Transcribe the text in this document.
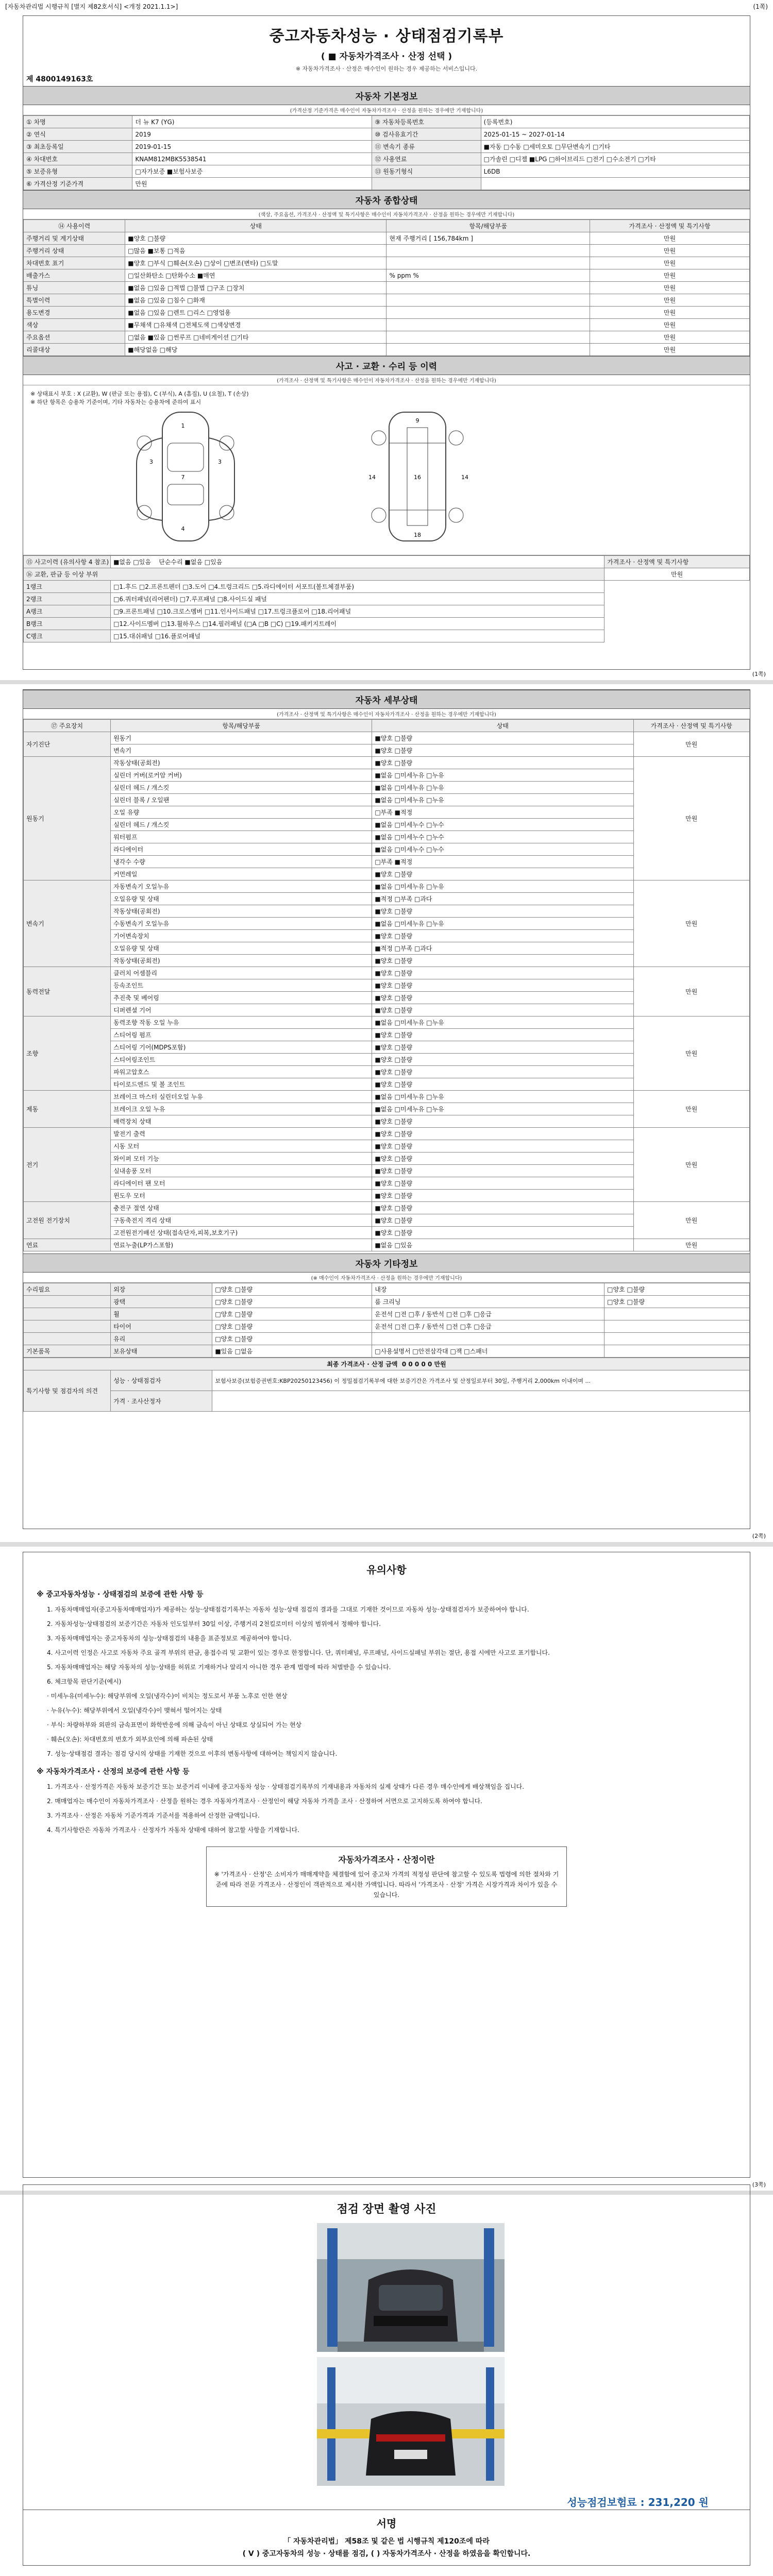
[자동차관리법 시행규칙 [별지 제82호서식] <개정 2021.1.1>]	(1쪽)
중고자동차성능 · 상태점검기록부
( ■ 자동차가격조사 · 산정 선택 )
※ 자동차가격조사 · 산정은 매수인이 원하는 경우 제공하는 서비스입니다.
제 4800149163호
자동차 기본정보
(가격산정 기준가격은 매수인이 자동차가격조사 · 산정을 원하는 경우에만 기재합니다)
① 차명	더 뉴 K7 (YG)	⑨ 자동차등록번호	(등록번호)
② 연식	2019	⑩ 검사유효기간	2025-01-15 ~ 2027-01-14
③ 최초등록일	2019-01-15	⑪ 변속기 종류	■자동 □수동 □세미오토 □무단변속기 □기타
④ 차대번호	KNAM812MBK5538541	⑫ 사용연료	□가솔린 □디젤 ■LPG □하이브리드 □전기 □수소전기 □기타
⑤ 보증유형	□자가보증 ■보험사보증	⑬ 원동기형식	L6DB
⑥ 가격산정 기준가격	만원		
자동차 종합상태
(색상, 주요옵션, 가격조사 · 산정액 및 특기사항은 매수인이 자동차가격조사 · 산정을 원하는 경우에만 기재합니다)
⑭ 사용이력	상태	항목/해당부품	가격조사 · 산정액 및 특기사항
주행거리 및 계기상태	■양호 □불량	현재 주행거리 [ 156,784km ]	만원
주행거리 상태	□많음 ■보통 □적음		만원
차대번호 표기	■양호 □부식 □훼손(오손) □상이 □변조(변타) □도말		만원
배출가스	□일산화탄소 □탄화수소 ■매연	% ppm %	만원
튜닝	■없음 □있음 □적법 □불법 □구조 □장치		만원
특별이력	■없음 □있음 □침수 □화재		만원
용도변경	■없음 □있음 □렌트 □리스 □영업용		만원
색상	■무채색 □유채색 □전체도색 □색상변경		만원
주요옵션	□없음 ■있음 □썬루프 □네비게이션 □기타		만원
리콜대상	■해당없음 □해당		만원
사고 · 교환 · 수리 등 이력
(가격조사 · 산정액 및 특기사항은 매수인이 자동차가격조사 · 산정을 원하는 경우에만 기재합니다)
※ 상태표시 부호 : X (교환), W (판금 또는 용접), C (부식), A (흠집), U (요철), T (손상)
※ 하단 항목은 승용차 기준이며, 기타 자동차는 승용차에 준하여 표시
1
3	3
4
7
9
16
14	14
18
⑮ 사고이력 (유의사항 4 참조)	■없음 □있음 단순수리 ■없음 □있음	가격조사 · 산정액 및 특기사항
⑯ 교환, 판금 등 이상 부위		만원
1랭크	□1.후드 □2.프론트펜더 □3.도어 □4.트렁크리드 □5.라디에이터 서포트(볼트체결부품)	
2랭크	□6.쿼터패널(리어펜더) □7.루프패널 □8.사이드실 패널	
A랭크	□9.프론트패널 □10.크로스멤버 □11.인사이드패널 □17.트렁크플로어 □18.리어패널	
B랭크	□12.사이드멤버 □13.휠하우스 □14.필러패널 (□A □B □C) □19.패키지트레이	
C랭크	□15.대쉬패널 □16.플로어패널	
(1쪽)
자동차 세부상태
(가격조사 · 산정액 및 특기사항은 매수인이 자동차가격조사 · 산정을 원하는 경우에만 기재합니다)
⑰ 주요장치	항목/해당부품	상태	가격조사 · 산정액 및 특기사항
자기진단	원동기	■양호 □불량	만원
	변속기	■양호 □불량	
원동기	작동상태(공회전)	■양호 □불량	만원
	실린더 커버(로커암 커버)	■없음 □미세누유 □누유	
	실린더 헤드 / 개스킷	■없음 □미세누유 □누유	
	실린더 블록 / 오일팬	■없음 □미세누유 □누유	
	오일 유량	□부족 ■적정	
	실린더 헤드 / 개스킷	■없음 □미세누수 □누수	
	워터펌프	■없음 □미세누수 □누수	
	라디에이터	■없음 □미세누수 □누수	
	냉각수 수량	□부족 ■적정	
	커먼레일	■양호 □불량	
변속기	자동변속기 오일누유	■없음 □미세누유 □누유	만원
	오일유량 및 상태	■적정 □부족 □과다	
	작동상태(공회전)	■양호 □불량	
	수동변속기 오일누유	■없음 □미세누유 □누유	
	기어변속장치	■양호 □불량	
	오일유량 및 상태	■적정 □부족 □과다	
	작동상태(공회전)	■양호 □불량	
동력전달	클러치 어셈블리	■양호 □불량	만원
	등속조인트	■양호 □불량	
	추진축 및 베어링	■양호 □불량	
	디퍼렌셜 기어	■양호 □불량	
조향	동력조향 작동 오일 누유	■없음 □미세누유 □누유	만원
	스티어링 펌프	■양호 □불량	
	스티어링 기어(MDPS포함)	■양호 □불량	
	스티어링조인트	■양호 □불량	
	파워고압호스	■양호 □불량	
	타이로드엔드 및 볼 조인트	■양호 □불량	
제동	브레이크 마스터 실린더오일 누유	■없음 □미세누유 □누유	만원
	브레이크 오일 누유	■없음 □미세누유 □누유	
	배력장치 상태	■양호 □불량	
전기	발전기 출력	■양호 □불량	만원
	시동 모터	■양호 □불량	
	와이퍼 모터 기능	■양호 □불량	
	실내송풍 모터	■양호 □불량	
	라디에이터 팬 모터	■양호 □불량	
	윈도우 모터	■양호 □불량	
고전원 전기장치	충전구 절연 상태	■양호 □불량	만원
	구동축전지 격리 상태	■양호 □불량	
	고전원전기배선 상태(접속단자,피복,보호기구)	■양호 □불량	
연료	연료누출(LP가스포함)	■없음 □있음	만원
자동차 기타정보
(※ 매수인이 자동차가격조사 · 산정을 원하는 경우에만 기재합니다)
수리필요	외장	□양호 □불량	내장	□양호 □불량
	광택	□양호 □불량	룸 크리닝	□양호 □불량
	휠	□양호 □불량	운전석 □전 □후 / 동반석 □전 □후 □응급	
	타이어	□양호 □불량	운전석 □전 □후 / 동반석 □전 □후 □응급	
	유리	□양호 □불량		
기본품목	보유상태	■있음 □없음	□사용설명서 □안전삼각대 □잭 □스패너	
최종 가격조사 · 산정 금액 0 0 0 0 0 만원		
특기사항 및 점검자의 의견	성능 · 상태점검자	보험사보증(보험증권번호:KBP20250123456) 이 정밀점검기록부에 대한 보증기간은 가격조사 및 산정일로부터 30일, 주행거리 2,000km 이내이며 ...
	가격 · 조사산정자	
(2쪽)
유의사항
※ 중고자동차성능 · 상태점검의 보증에 관한 사항 등
1. 자동차매매업자(중고자동차매매업자)가 제공하는 성능·상태점검기록부는 자동차 성능·상태 점검의 결과를 그대로 기재한 것이므로 자동차 성능·상태점검자가 보증하여야 합니다.
2. 자동차성능·상태점검의 보증기간은 자동차 인도일부터 30일 이상, 주행거리 2천킬로미터 이상의 범위에서 정해야 합니다.
3. 자동차매매업자는 중고자동차의 성능·상태점검의 내용을 표준정보로 제공하여야 합니다.
4. 사고이력 인정은 사고로 자동차 주요 골격 부위의 판금, 용접수리 및 교환이 있는 경우로 한정합니다. 단, 쿼터패널, 루프패널, 사이드실패널 부위는 절단, 용접 시에만 사고로 표기합니다.
5. 자동차매매업자는 해당 자동차의 성능·상태를 허위로 기재하거나 알리지 아니한 경우 관계 법령에 따라 처벌받을 수 있습니다.
6. 체크항목 판단기준(예시)
· 미세누유(미세누수): 해당부위에 오일(냉각수)이 비치는 정도로서 부품 노후로 인한 현상
· 누유(누수): 해당부위에서 오일(냉각수)이 맺혀서 떨어지는 상태
· 부식: 차량하부와 외판의 금속표면이 화학반응에 의해 금속이 아닌 상태로 상실되어 가는 현상
· 훼손(오손): 차대번호의 번호가 외부요인에 의해 파손된 상태
7. 성능·상태점검 결과는 점검 당시의 상태를 기재한 것으로 이후의 변동사항에 대하여는 책임지지 않습니다.
※ 자동차가격조사 · 산정의 보증에 관한 사항 등
1. 가격조사 · 산정가격은 자동차 보증기간 또는 보증거리 이내에 중고자동차 성능 · 상태점검기록부의 기재내용과 자동차의 실제 상태가 다른 경우 매수인에게 배상책임을 집니다.
2. 매매업자는 매수인이 자동차가격조사 · 산정을 원하는 경우 자동차가격조사 · 산정인이 해당 자동차 가격을 조사 · 산정하여 서면으로 고지하도록 하여야 합니다.
3. 가격조사 · 산정은 자동차 기준가격과 기준서를 적용하여 산정한 금액입니다.
4. 특기사항란은 자동차 가격조사 · 산정자가 자동차 상태에 대하여 참고할 사항을 기재합니다.
자동차가격조사 · 산정이란
※ '가격조사 · 산정'은 소비자가 매매계약을 체결함에 있어 중고차 가격의 적정성 판단에 참고할 수 있도록 법령에 의한 절차와 기준에 따라 전문 가격조사 · 산정인이 객관적으로 제시한 가액입니다. 따라서 '가격조사 · 산정' 가격은 시장가격과 차이가 있을 수 있습니다.
(3쪽)
점검 장면 촬영 사진
서명
성능점검보험료 : 231,220 원
「 자동차관리법」 제58조 및 같은 법 시행규칙 제120조에 따라
( V ) 중고자동차의 성능 · 상태를 점검, ( ) 자동차가격조사 · 산정을 하였음을 확인합니다.
